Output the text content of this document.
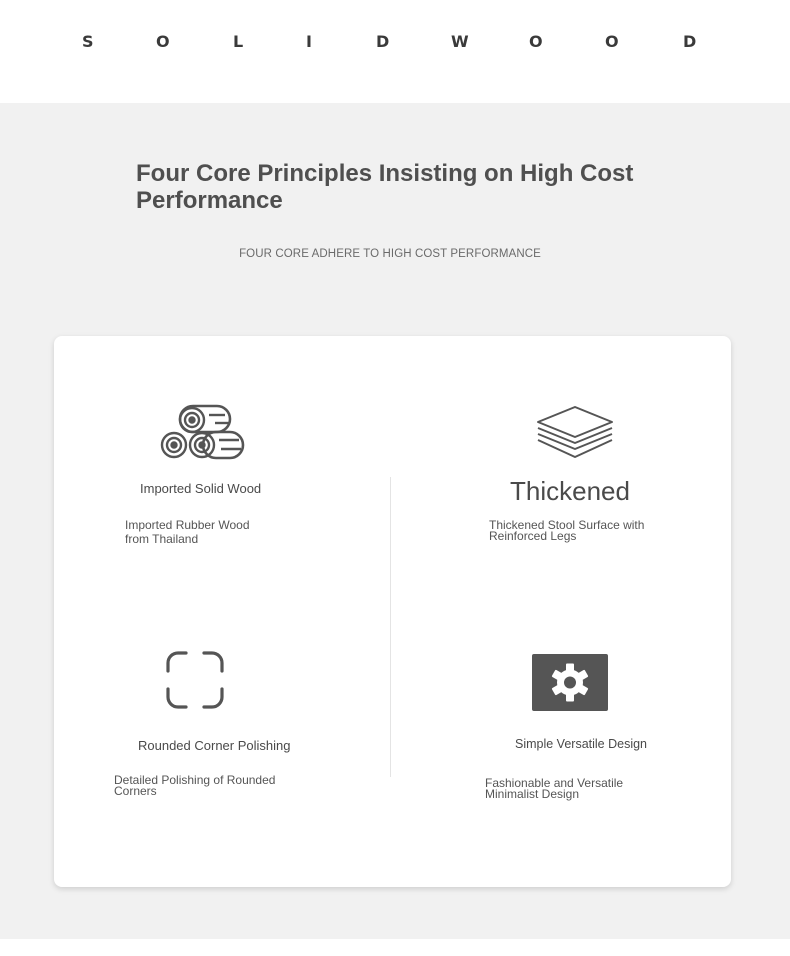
S	O	L	I	D	W	O	O	D
Four Core Principles Insisting on High Cost Performance
FOUR CORE ADHERE TO HIGH COST PERFORMANCE
Imported Solid Wood
Imported Rubber Wood from Thailand
Thickened
Thickened Stool Surface with Reinforced Legs
Rounded Corner Polishing
Detailed Polishing of Rounded Corners
Simple Versatile Design
Fashionable and Versatile Minimalist Design
